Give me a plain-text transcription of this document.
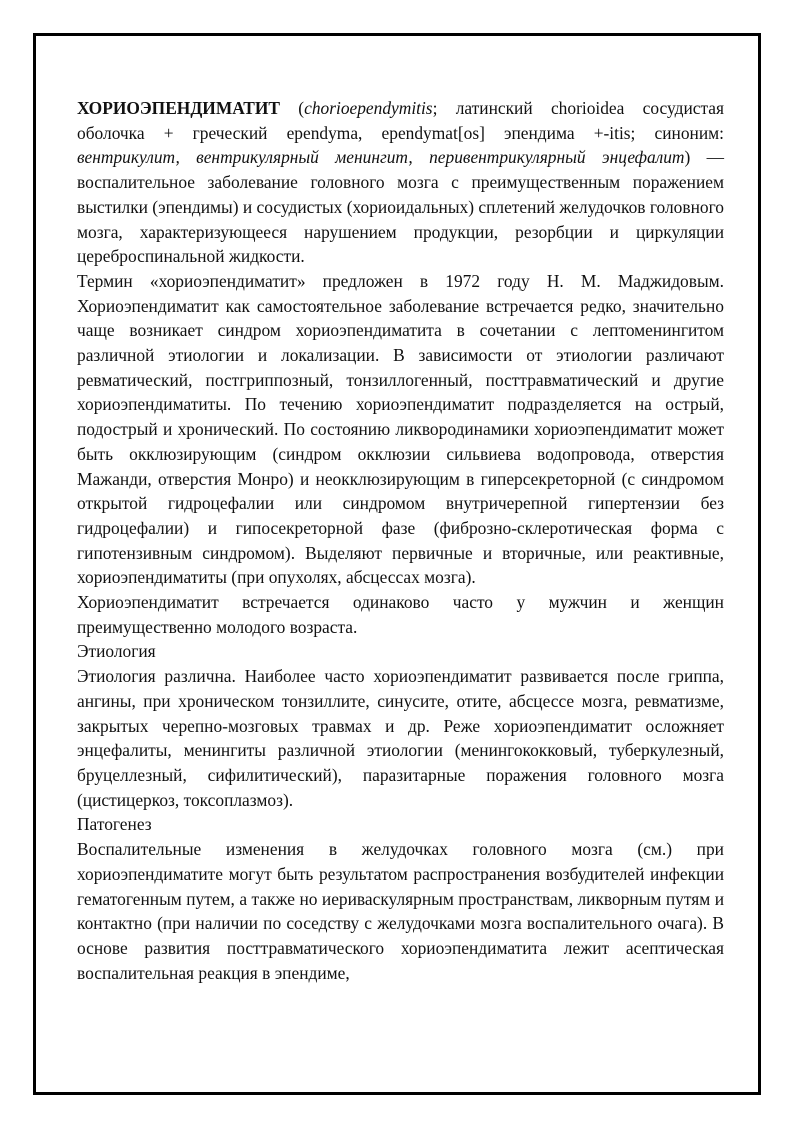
ХОРИОЭПЕНДИМАТИТ (chorioependymitis; латинский chorioidea сосудистая оболочка + греческий ependyma, ependymat[os] эпендима +-itis; синоним: вентрикулит, вентрикулярный менингит, перивентрикулярный энцефалит) — воспалительное заболевание головного мозга с преимущественным поражением выстилки (эпендимы) и сосудистых (хориоидальных) сплетений желудочков головного мозга, характеризующееся нарушением продукции, резорбции и циркуляции цереброспинальной жидкости.

Термин «хориоэпендиматит» предложен в 1972 году Н. М. Маджидовым. Хориоэпендиматит как самостоятельное заболевание встречается редко, значительно чаще возникает синдром хориоэпендиматита в сочетании с лептоменингитом различной этиологии и локализации. В зависимости от этиологии различают ревматический, постгриппозный, тонзиллогенный, посттравматический и другие хориоэпендиматиты. По течению хориоэпендиматит подразделяется на острый, подострый и хронический. По состоянию ликвородинамики хориоэпендиматит может быть окклюзирующим (синдром окклюзии сильвиева водопровода, отверстия Мажанди, отверстия Монро) и неокклюзирующим в гиперсекреторной (с синдромом открытой гидроцефалии или синдромом внутричерепной гипертензии без гидроцефалии) и гипосекреторной фазе (фиброзно-склеротическая форма с гипотензивным синдромом). Выделяют первичные и вторичные, или реактивные, хориоэпендиматиты (при опухолях, абсцессах мозга).

Хориоэпендиматит встречается одинаково часто у мужчин и женщин преимущественно молодого возраста.

Этиология

Этиология различна. Наиболее часто хориоэпендиматит развивается после гриппа, ангины, при хроническом тонзиллите, синусите, отите, абсцессе мозга, ревматизме, закрытых черепно-мозговых травмах и др. Реже хориоэпендиматит осложняет энцефалиты, менингиты различной этиологии (менингококковый, туберкулезный, бруцеллезный, сифилитический), паразитарные поражения головного мозга (цистицеркоз, токсоплазмоз).

Патогенез

Воспалительные изменения в желудочках головного мозга (см.) при хориоэпендиматите могут быть результатом распространения возбудителей инфекции гематогенным путем, а также но иериваскулярным пространствам, ликворным путям и контактно (при наличии по соседству с желудочками мозга воспалительного очага). В основе развития посттравматического хориоэпендиматита лежит асептическая воспалительная реакция в эпендиме,
